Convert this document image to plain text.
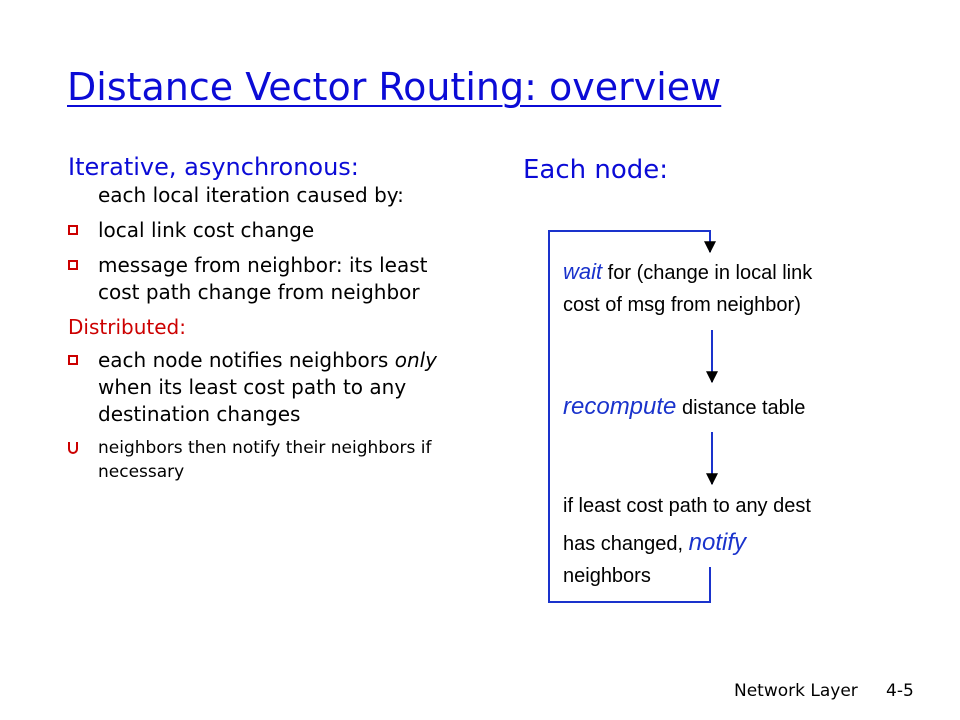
Distance Vector Routing: overview
Iterative, asynchronous:
each local iteration caused by:
local link cost change
message from neighbor: its least cost path change from neighbor
Distributed:
each node notifies neighbors only when its least cost path to any destination changes
neighbors then notify their neighbors if necessary
Each node:
wait for (change in local link
cost of msg from neighbor)
recompute distance table
if least cost path to any dest
has changed, notify
neighbors
Network Layer 4-5
